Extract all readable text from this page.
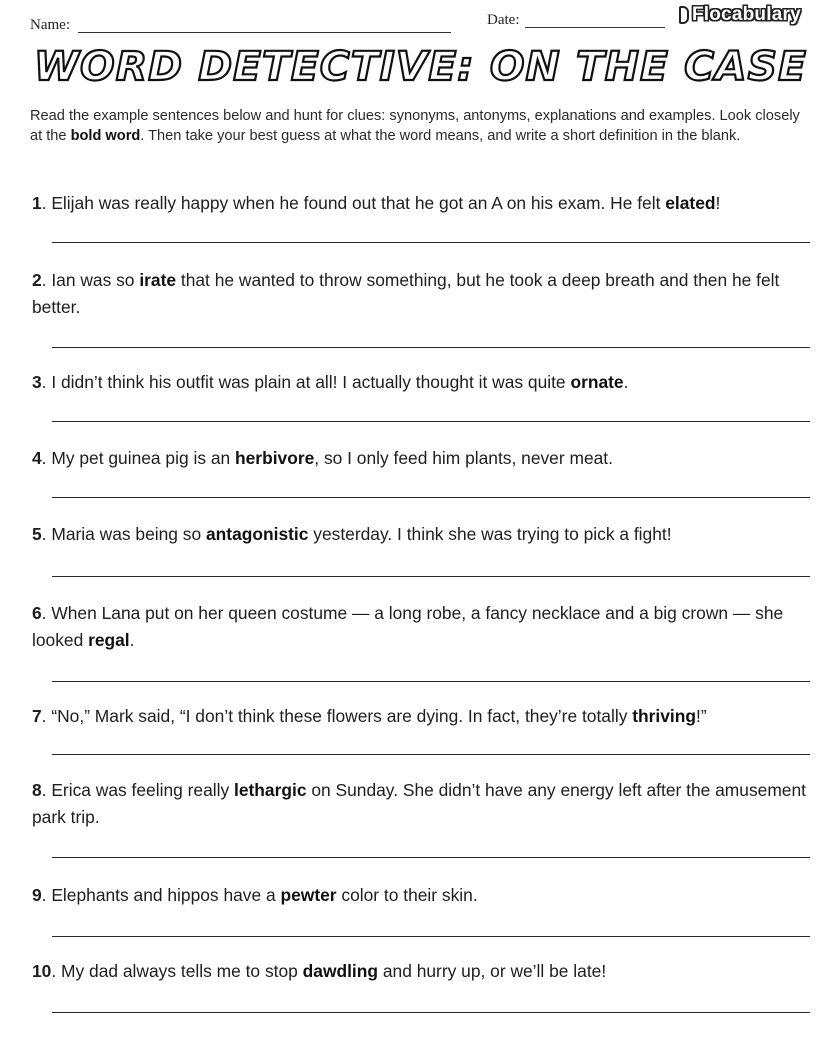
Name:	Date:	Flocabulary
WORD DETECTIVE: ON THE CASE
Read the example sentences below and hunt for clues: synonyms, antonyms, explanations and examples. Look closely at the bold word. Then take your best guess at what the word means, and write a short definition in the blank.
1. Elijah was really happy when he found out that he got an A on his exam. He felt elated!
2. Ian was so irate that he wanted to throw something, but he took a deep breath and then he felt better.
3. I didn’t think his outfit was plain at all! I actually thought it was quite ornate.
4. My pet guinea pig is an herbivore, so I only feed him plants, never meat.
5. Maria was being so antagonistic yesterday. I think she was trying to pick a fight!
6. When Lana put on her queen costume — a long robe, a fancy necklace and a big crown — she looked regal.
7. “No,” Mark said, “I don’t think these flowers are dying. In fact, they’re totally thriving!”
8. Erica was feeling really lethargic on Sunday. She didn’t have any energy left after the amusement park trip.
9. Elephants and hippos have a pewter color to their skin.
10. My dad always tells me to stop dawdling and hurry up, or we’ll be late!
